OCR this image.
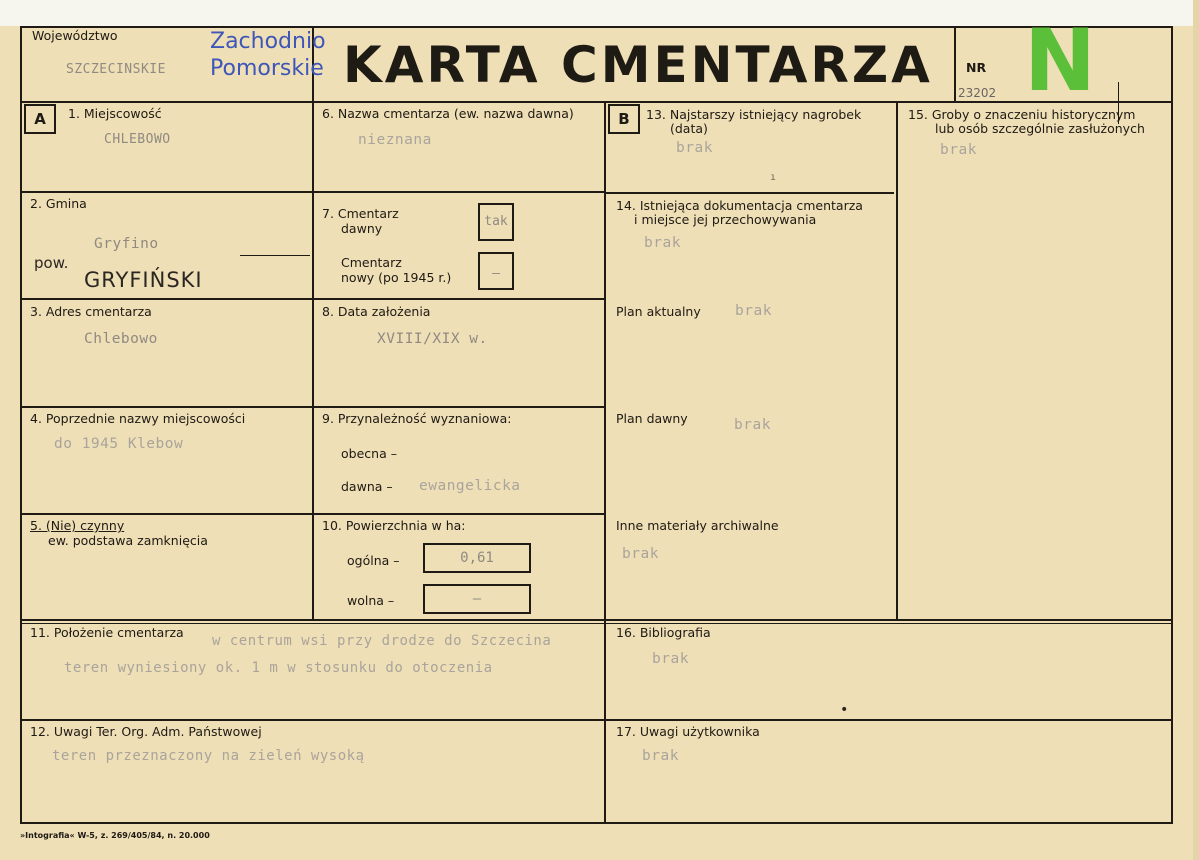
Województwo
SZCZECINSKIE
Zachodnio
Pomorskie KARTA CMENTARZA	NR N
23202
A	B
1. Miejscowość
CHLEBOWO
2. Gmina
Gryfino
pow.
GRYFIŃSKI
3. Adres cmentarza
Chlebowo
4. Poprzednie nazwy miejscowości
do 1945 Klebow
5. (Nie) czynny
ew. podstawa zamknięcia
6. Nazwa cmentarza (ew. nazwa dawna)
nieznana
7. Cmentarz
dawny	tak
Cmentarz
nowy (po 1945 r.)	–
8. Data założenia
XVIII/XIX w.
9. Przynależność wyznaniowa:
obecna –
dawna – ewangelicka
10. Powierzchnia w ha:
ogólna –	0,61
wolna –	–
13. Najstarszy istniejący nagrobek
(data)
brak
ı
14. Istniejąca dokumentacja cmentarza
i miejsce jej przechowywania
brak
Plan aktualny brak
Plan dawny	brak
Inne materiały archiwalne
brak
15. Groby o znaczeniu historycznym
lub osób szczególnie zasłużonych
brak
11. Położenie cmentarza
w centrum wsi przy drodze do Szczecina
teren wyniesiony ok. 1 m w stosunku do otoczenia
16. Bibliografia
brak
•
12. Uwagi Ter. Org. Adm. Państwowej
teren przeznaczony na zieleń wysoką
17. Uwagi użytkownika
brak
»Intografia« W-5, z. 269/405/84, n. 20.000
